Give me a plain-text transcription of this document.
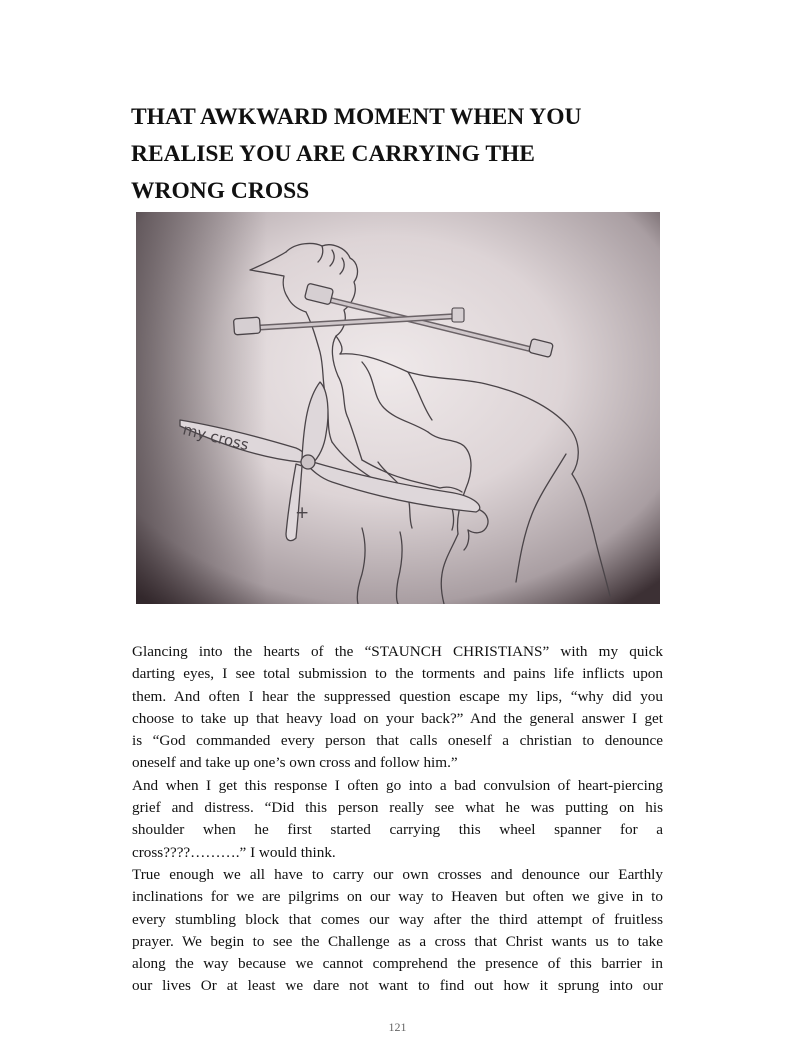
THAT AWKWARD MOMENT WHEN YOU
REALISE YOU ARE CARRYING THE
WRONG CROSS
my cross
+
Glancing into the hearts of the “STAUNCH CHRISTIANS” with my quick
darting eyes, I see total submission to the torments and pains life inflicts upon
them. And often I hear the suppressed question escape my lips, “why did you
choose to take up that heavy load on your back?” And the general answer I get
is “God commanded every person that calls oneself a christian to denounce
oneself and take up one’s own cross and follow him.”
And when I get this response I often go into a bad convulsion of heart-piercing
grief and distress. “Did this person really see what he was putting on his
shoulder when he first started carrying this wheel spanner for a
cross????……….” I would think.
True enough we all have to carry our own crosses and denounce our Earthly
inclinations for we are pilgrims on our way to Heaven but often we give in to
every stumbling block that comes our way after the third attempt of fruitless
prayer. We begin to see the Challenge as a cross that Christ wants us to take
along the way because we cannot comprehend the presence of this barrier in
our lives Or at least we dare not want to find out how it sprung into our
121
